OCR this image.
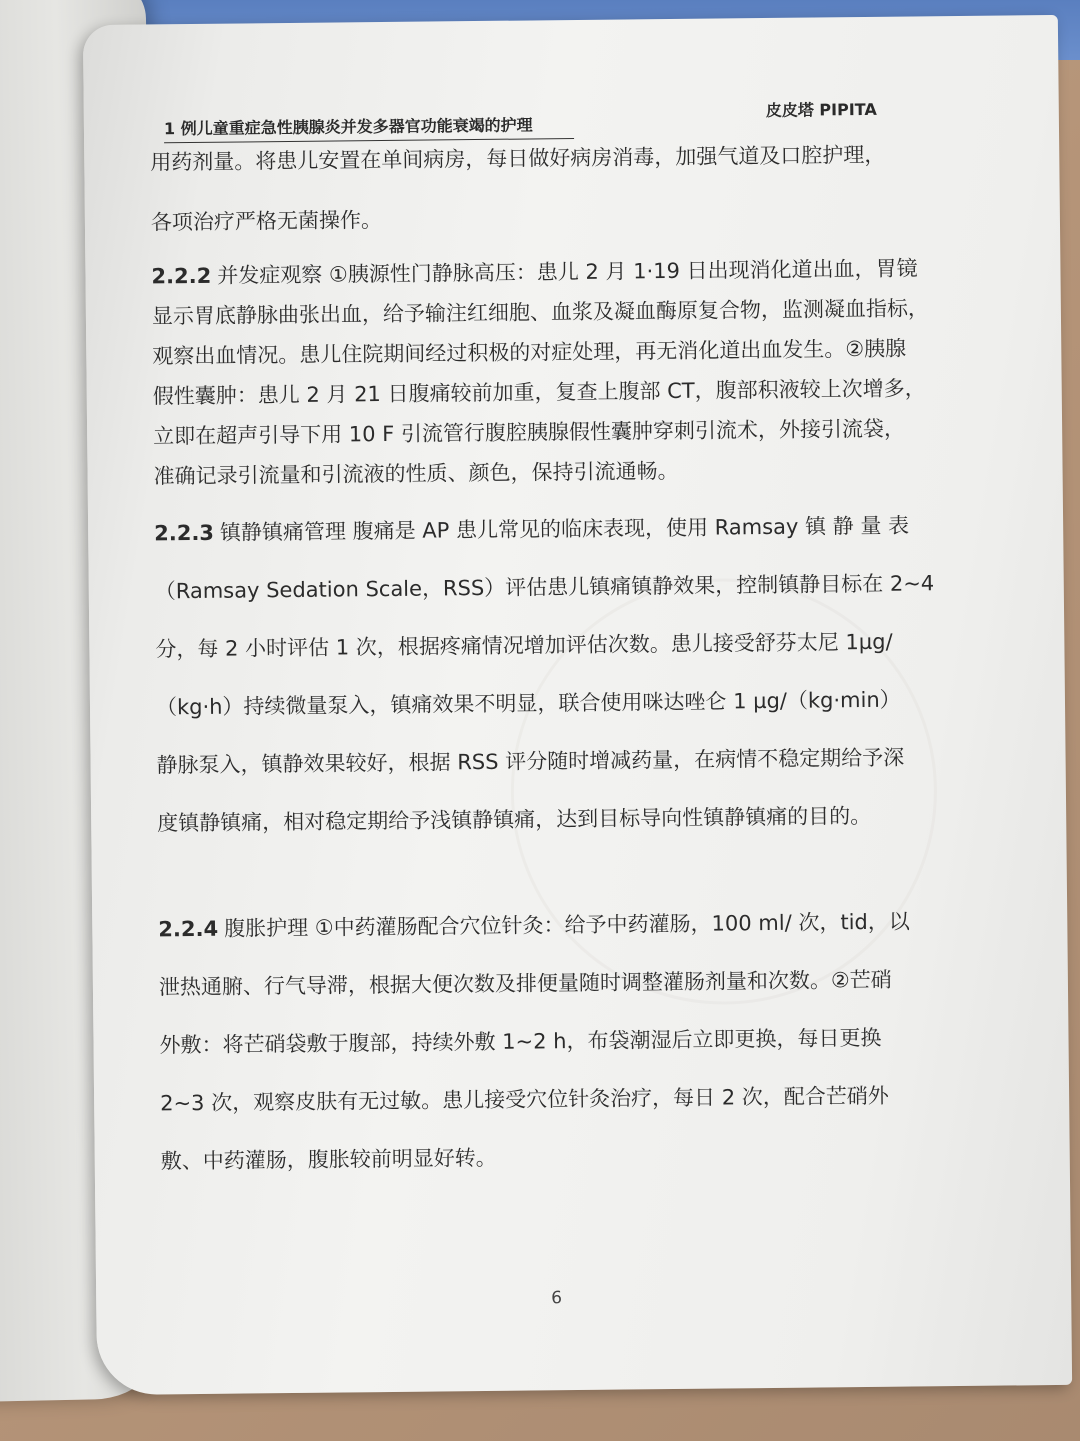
1 例儿童重症急性胰腺炎并发多器官功能衰竭的护理
皮皮塔 PIPITA
用药剂量。将患儿安置在单间病房，每日做好病房消毒，加强气道及口腔护理，
各项治疗严格无菌操作。
2.2.2 并发症观察 ①胰源性门静脉高压：患儿 2 月 1·19 日出现消化道出血，胃镜
显示胃底静脉曲张出血，给予输注红细胞、血浆及凝血酶原复合物，监测凝血指标，
观察出血情况。患儿住院期间经过积极的对症处理，再无消化道出血发生。②胰腺
假性囊肿：患儿 2 月 21 日腹痛较前加重，复查上腹部 CT，腹部积液较上次增多，
立即在超声引导下用 10 F 引流管行腹腔胰腺假性囊肿穿刺引流术，外接引流袋，
准确记录引流量和引流液的性质、颜色，保持引流通畅。
2.2.3 镇静镇痛管理 腹痛是 AP 患儿常见的临床表现，使用 Ramsay 镇 静 量 表
（Ramsay Sedation Scale，RSS）评估患儿镇痛镇静效果，控制镇静目标在 2~4
分，每 2 小时评估 1 次，根据疼痛情况增加评估次数。患儿接受舒芬太尼 1μg/
（kg·h）持续微量泵入，镇痛效果不明显，联合使用咪达唑仑 1 μg/（kg·min）
静脉泵入，镇静效果较好，根据 RSS 评分随时增减药量，在病情不稳定期给予深
度镇静镇痛，相对稳定期给予浅镇静镇痛，达到目标导向性镇静镇痛的目的。
2.2.4 腹胀护理 ①中药灌肠配合穴位针灸：给予中药灌肠，100 ml/ 次，tid，以
泄热通腑、行气导滞，根据大便次数及排便量随时调整灌肠剂量和次数。②芒硝
外敷：将芒硝袋敷于腹部，持续外敷 1~2 h，布袋潮湿后立即更换，每日更换
2~3 次，观察皮肤有无过敏。患儿接受穴位针灸治疗，每日 2 次，配合芒硝外
敷、中药灌肠，腹胀较前明显好转。
6
